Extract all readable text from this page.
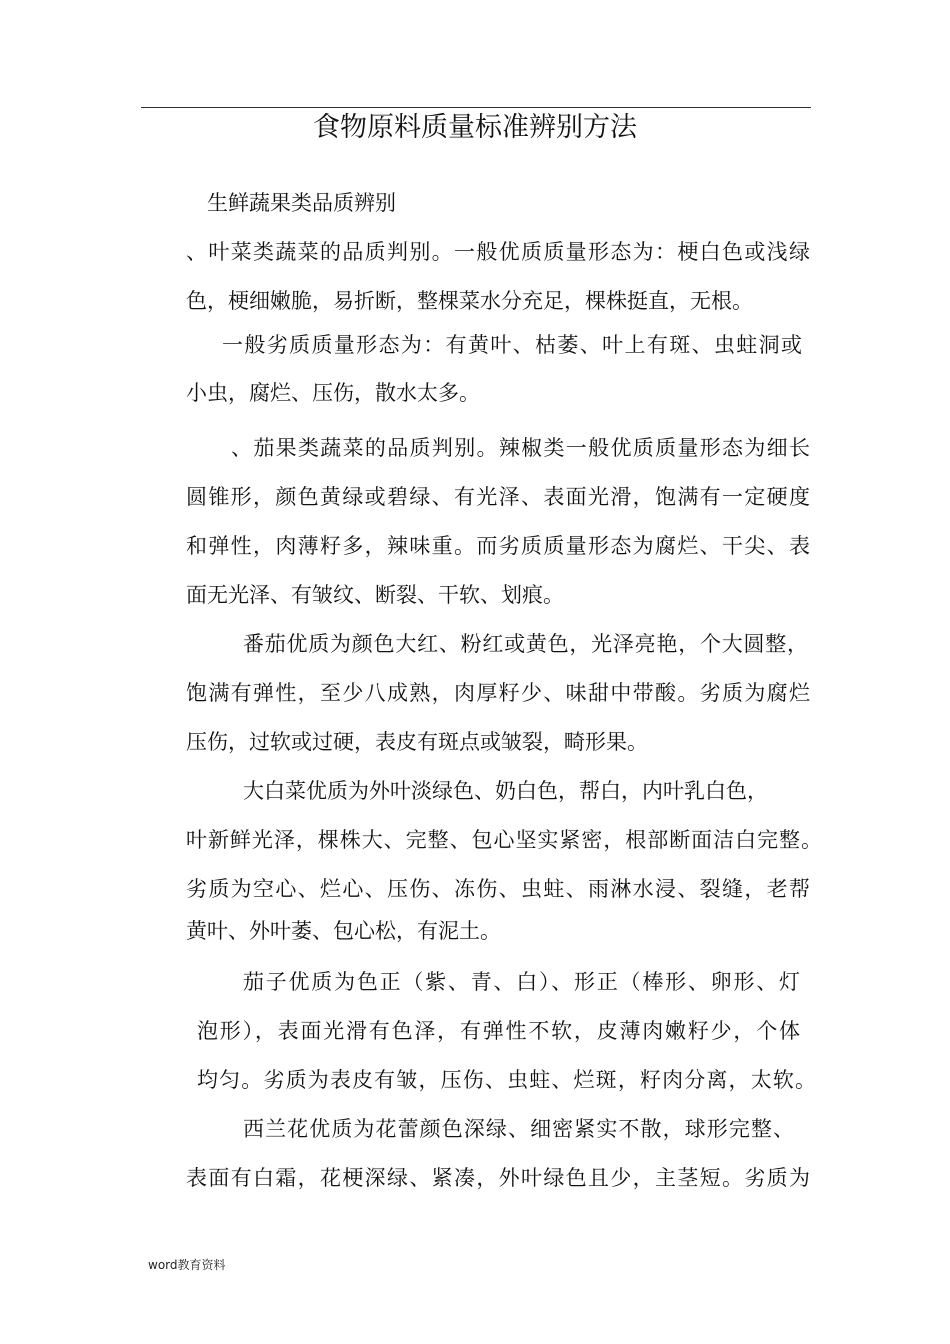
食物原料质量标准辨别方法
生鲜蔬果类品质辨别
、叶菜类蔬菜的品质判别。一般优质质量形态为：梗白色或浅绿
色，梗细嫩脆，易折断，整棵菜水分充足，棵株挺直，无根。
一般劣质质量形态为：有黄叶、枯萎、叶上有斑、虫蛀洞或
小虫，腐烂、压伤，散水太多。
、茄果类蔬菜的品质判别。辣椒类一般优质质量形态为细长
圆锥形，颜色黄绿或碧绿、有光泽、表面光滑，饱满有一定硬度
和弹性，肉薄籽多，辣味重。而劣质质量形态为腐烂、干尖、表
面无光泽、有皱纹、断裂、干软、划痕。
番茄优质为颜色大红、粉红或黄色，光泽亮艳，个大圆整，
饱满有弹性，至少八成熟，肉厚籽少、味甜中带酸。劣质为腐烂
压伤，过软或过硬，表皮有斑点或皱裂，畸形果。
大白菜优质为外叶淡绿色、奶白色，帮白，内叶乳白色，
叶新鲜光泽，棵株大、完整、包心坚实紧密，根部断面洁白完整。
劣质为空心、烂心、压伤、冻伤、虫蛀、雨淋水浸、裂缝，老帮
黄叶、外叶萎、包心松，有泥土。
茄子优质为色正（紫、青、白）、形正（棒形、卵形、灯
泡形），表面光滑有色泽，有弹性不软，皮薄肉嫩籽少，个体
均匀。劣质为表皮有皱，压伤、虫蛀、烂斑，籽肉分离，太软。
西兰花优质为花蕾颜色深绿、细密紧实不散，球形完整、
表面有白霜，花梗深绿、紧凑，外叶绿色且少，主茎短。劣质为
word教育资料
